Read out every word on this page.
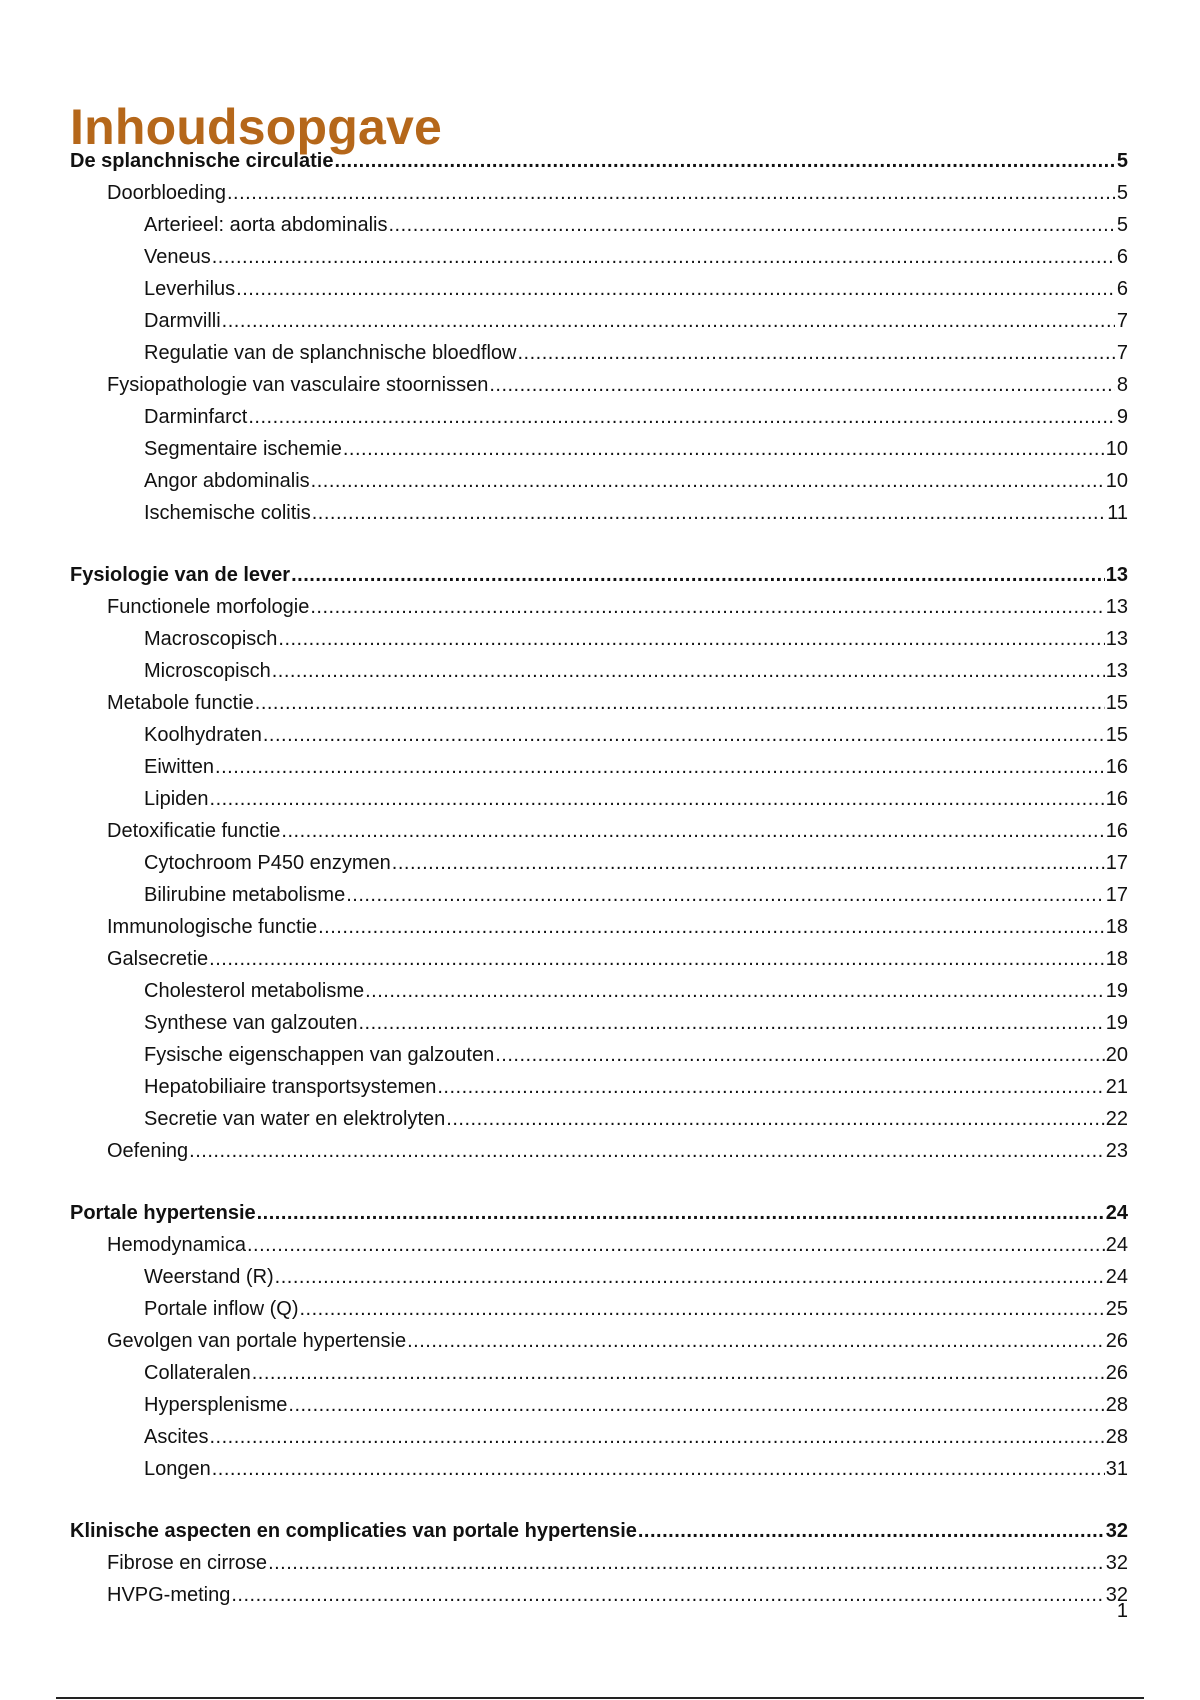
Inhoudsopgave
De splanchnische circulatie .....	5
Doorbloeding .....	5
Arterieel: aorta abdominalis .....	5
Veneus .....	6
Leverhilus .....	6
Darmvilli .....	7
Regulatie van de splanchnische bloedflow .....	7
Fysiopathologie van vasculaire stoornissen .....	8
Darminfarct .....	9
Segmentaire ischemie .....	10
Angor abdominalis .....	10
Ischemische colitis .....	11
Fysiologie van de lever .....	13
Functionele morfologie .....	13
Macroscopisch .....	13
Microscopisch .....	13
Metabole functie .....	15
Koolhydraten .....	15
Eiwitten .....	16
Lipiden .....	16
Detoxificatie functie .....	16
Cytochroom P450 enzymen .....	17
Bilirubine metabolisme .....	17
Immunologische functie .....	18
Galsecretie .....	18
Cholesterol metabolisme .....	19
Synthese van galzouten .....	19
Fysische eigenschappen van galzouten .....	20
Hepatobiliaire transportsystemen .....	21
Secretie van water en elektrolyten .....	22
Oefening .....	23
Portale hypertensie .....	24
Hemodynamica .....	24
Weerstand (R) .....	24
Portale inflow (Q) .....	25
Gevolgen van portale hypertensie .....	26
Collateralen .....	26
Hypersplenisme .....	28
Ascites .....	28
Longen .....	31
Klinische aspecten en complicaties van portale hypertensie .....	32
Fibrose en cirrose .....	32
HVPG-meting .....	32
1
